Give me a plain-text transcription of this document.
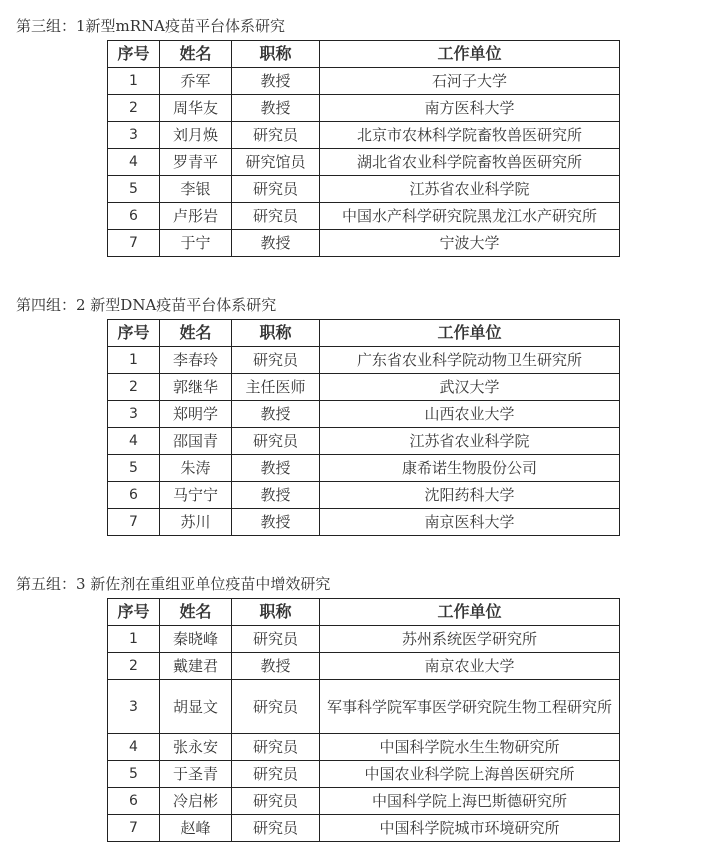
第三组：1新型mRNA疫苗平台体系研究
序号	姓名	职称	工作单位
1	乔军	教授	石河子大学
2	周华友	教授	南方医科大学
3	刘月焕	研究员	北京市农林科学院畜牧兽医研究所
4	罗青平	研究馆员	湖北省农业科学院畜牧兽医研究所
5	李银	研究员	江苏省农业科学院
6	卢彤岩	研究员	中国水产科学研究院黑龙江水产研究所
7	于宁	教授	宁波大学
第四组：2 新型DNA疫苗平台体系研究
序号	姓名	职称	工作单位
1	李春玲	研究员	广东省农业科学院动物卫生研究所
2	郭继华	主任医师	武汉大学
3	郑明学	教授	山西农业大学
4	邵国青	研究员	江苏省农业科学院
5	朱涛	教授	康希诺生物股份公司
6	马宁宁	教授	沈阳药科大学
7	苏川	教授	南京医科大学
第五组：3 新佐剂在重组亚单位疫苗中增效研究
序号	姓名	职称	工作单位
1	秦晓峰	研究员	苏州系统医学研究所
2	戴建君	教授	南京农业大学
3	胡显文	研究员	军事科学院军事医学研究院生物工程研究所
4	张永安	研究员	中国科学院水生生物研究所
5	于圣青	研究员	中国农业科学院上海兽医研究所
6	冷启彬	研究员	中国科学院上海巴斯德研究所
7	赵峰	研究员	中国科学院城市环境研究所
